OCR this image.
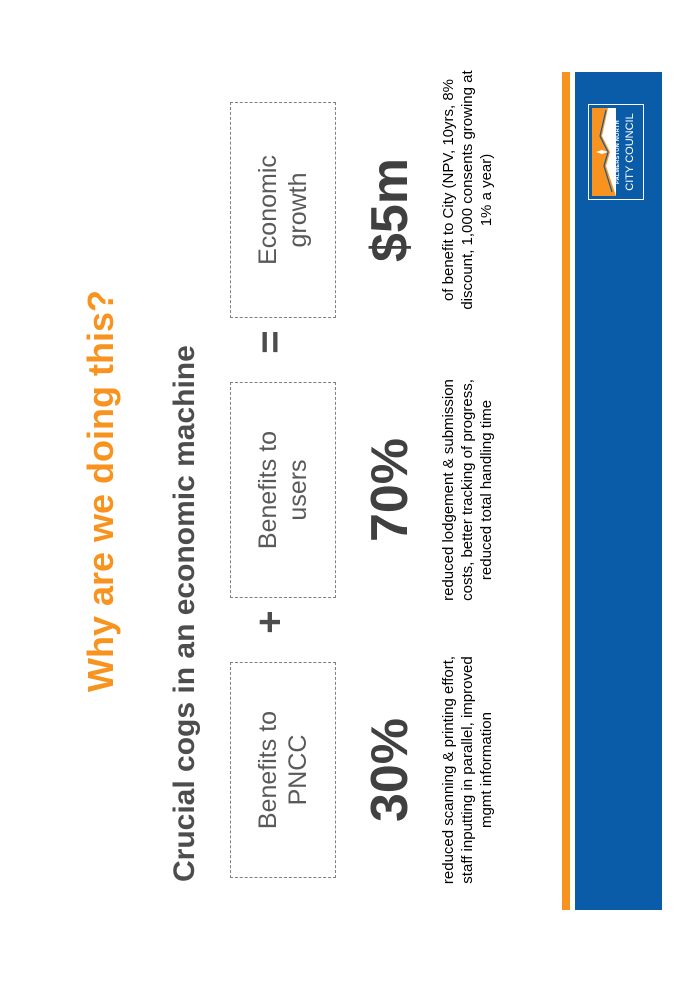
Why are we doing this? Crucial cogs in an economic machine	Benefits to PNCC
+
Benefits to users
=
Economic growth
30%
70%
$5m
reduced scanning & printing effort, staff inputting in parallel, improved mgmt information
reduced lodgement & submission costs, better tracking of progress, reduced total handling time
of benefit to City (NPV, 10yrs, 8% discount, 1,000 consents growing at 1% a year)
PALMERSTON NORTH CITY COUNCIL
